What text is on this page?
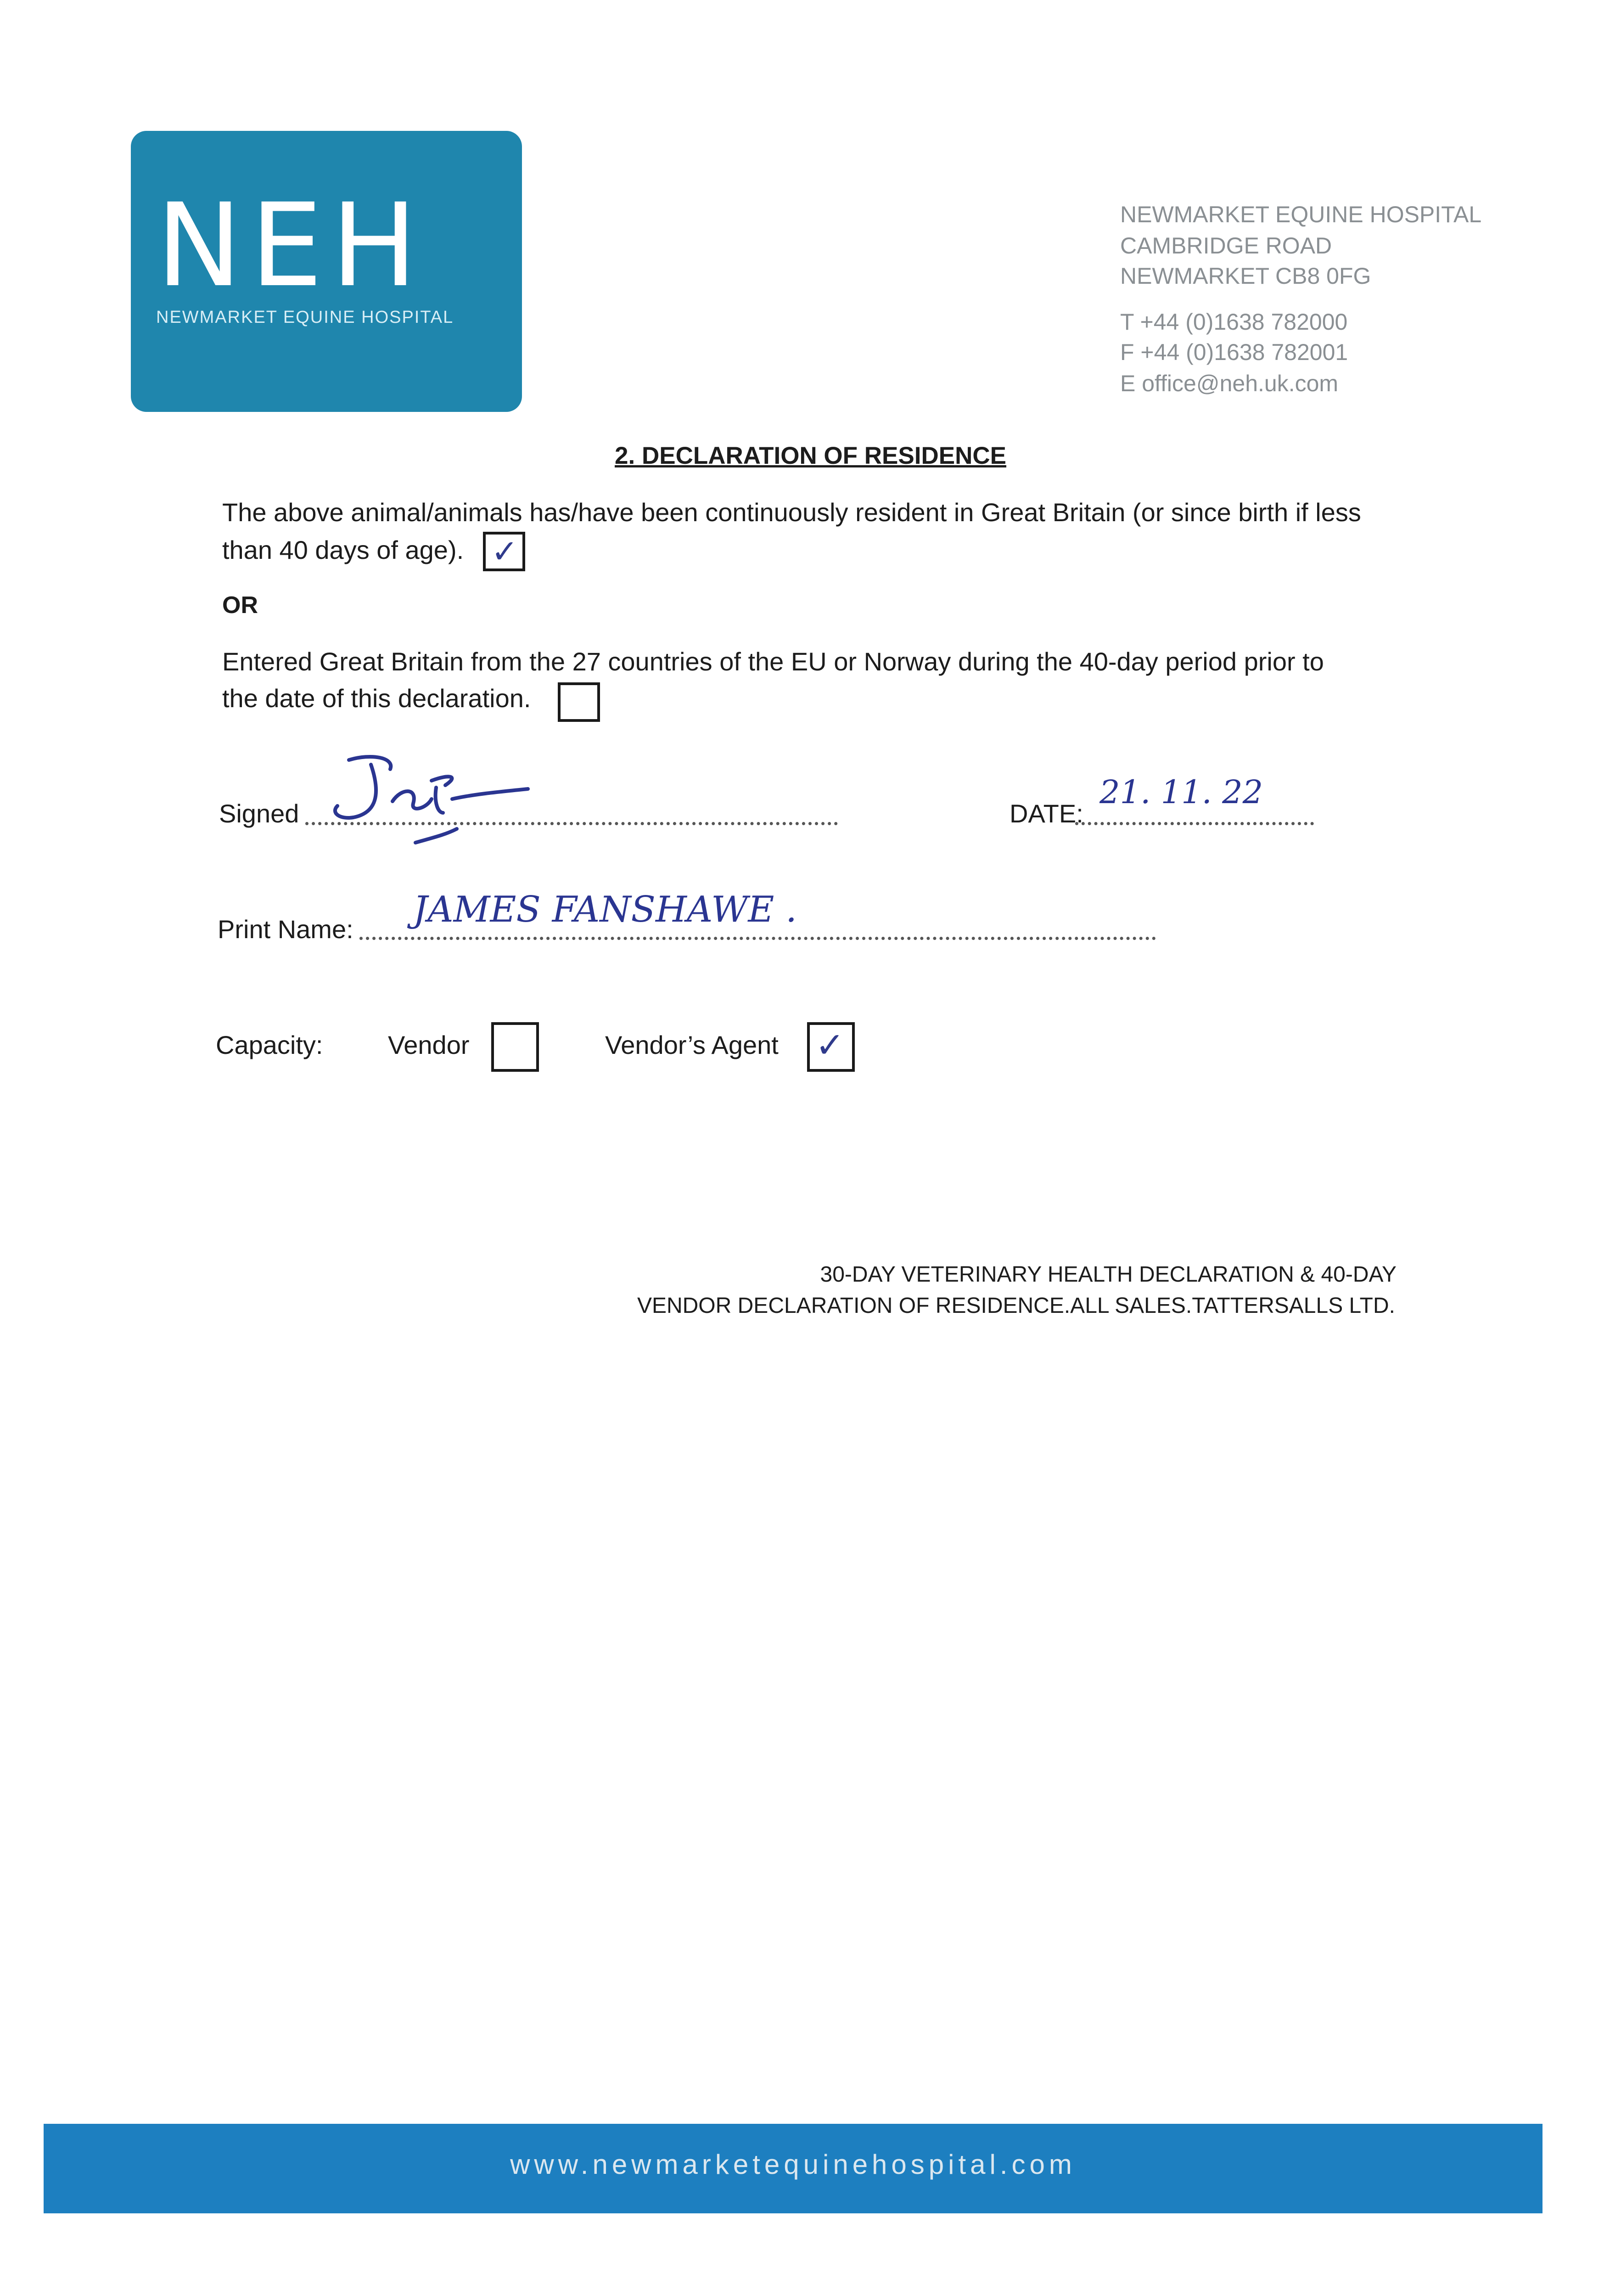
NEH
NEWMARKET EQUINE HOSPITAL
NEWMARKET EQUINE HOSPITAL
CAMBRIDGE ROAD
NEWMARKET CB8 0FG
T +44 (0)1638 782000
F +44 (0)1638 782001
E office@neh.uk.com
2. DECLARATION OF RESIDENCE
The above animal/animals has/have been continuously resident in Great Britain (or since birth if less
than 40 days of age). ✓
OR
Entered Great Britain from the 27 countries of the EU or Norway during the 40-day period prior to
the date of this declaration.
Signed	DATE:
21. 11. 22
Print Name: JAMES FANSHAWE .
Capacity:	Vendor	Vendor’s Agent ✓
30-DAY VETERINARY HEALTH DECLARATION & 40-DAY
VENDOR DECLARATION OF RESIDENCE.ALL SALES.TATTERSALLS LTD.
www.newmarketequinehospital.com
